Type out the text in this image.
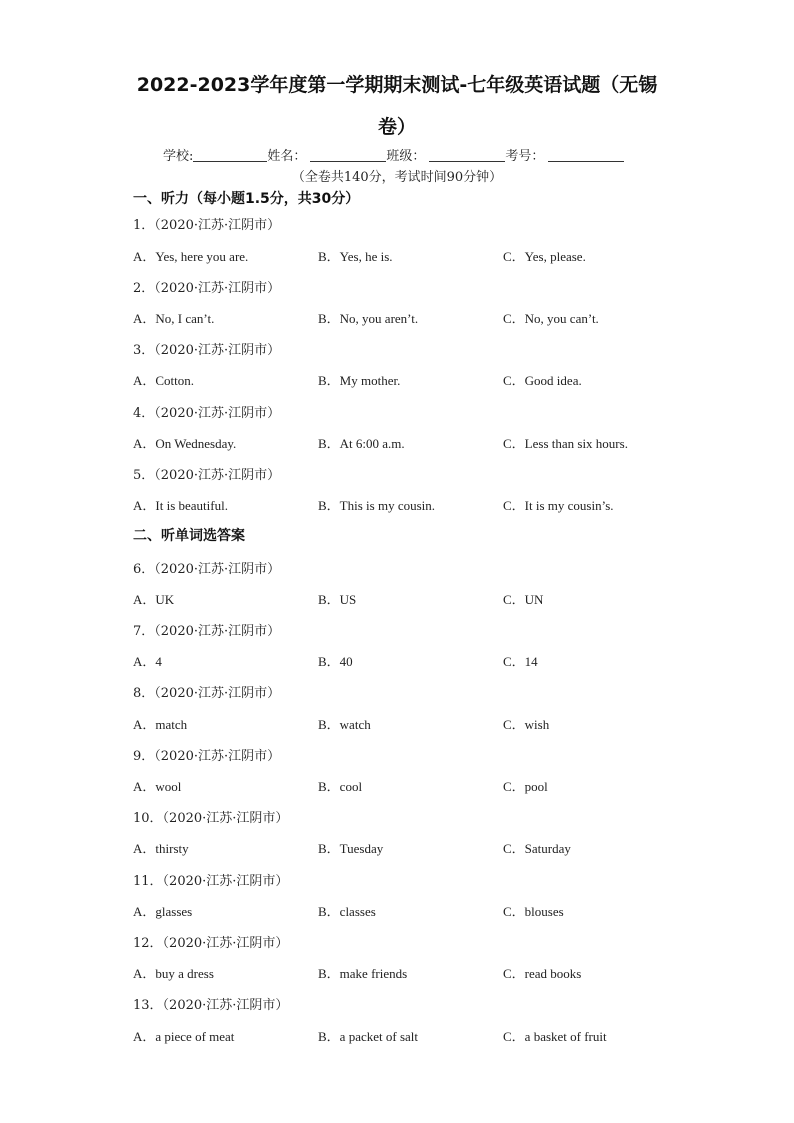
2022-2023学年度第一学期期末测试-七年级英语试题（无锡
卷）
学校:	姓名：	班级：	考号：
（全卷共140分，考试时间90分钟）
一、听力（每小题1.5分，共30分）
1．（2020·江苏·江阴市）
A．Yes, here you are.	B．Yes, he is.	C．Yes, please.
2．（2020·江苏·江阴市）
A．No, I can’t.	B．No, you aren’t.	C．No, you can’t.
3．（2020·江苏·江阴市）
A．Cotton.	B．My mother.	C．Good idea.
4．（2020·江苏·江阴市）
A．On Wednesday.	B．At 6:00 a.m.	C．Less than six hours.
5．（2020·江苏·江阴市）
A．It is beautiful.	B．This is my cousin.	C．It is my cousin’s.
二、听单词选答案
6．（2020·江苏·江阴市）
A．UK	B．US	C．UN
7．（2020·江苏·江阴市）
A．4	B．40	C．14
8．（2020·江苏·江阴市）
A．match	B．watch	C．wish
9．（2020·江苏·江阴市）
A．wool	B．cool	C．pool
10．（2020·江苏·江阴市）
A．thirsty	B．Tuesday	C．Saturday
11．（2020·江苏·江阴市）
A．glasses	B．classes	C．blouses
12．（2020·江苏·江阴市）
A．buy a dress	B．make friends	C．read books
13．（2020·江苏·江阴市）
A．a piece of meat	B．a packet of salt	C．a basket of fruit
